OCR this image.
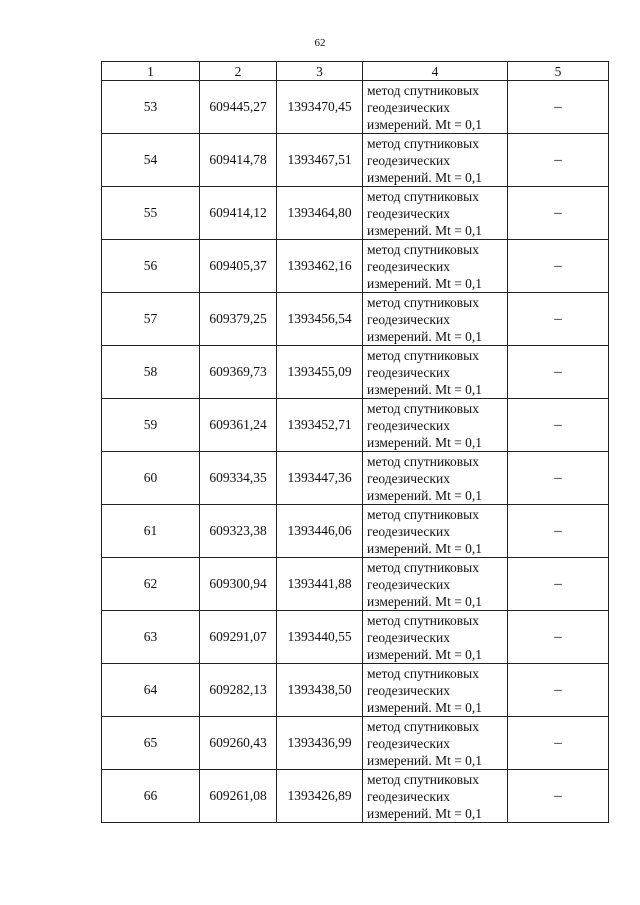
62
1	2	3	4	5
53	609445,27	1393470,45	метод спутниковых
геодезических
измерений. Mt = 0,1	–
54	609414,78	1393467,51	метод спутниковых
геодезических
измерений. Mt = 0,1	–
55	609414,12	1393464,80	метод спутниковых
геодезических
измерений. Mt = 0,1	–
56	609405,37	1393462,16	метод спутниковых
геодезических
измерений. Mt = 0,1	–
57	609379,25	1393456,54	метод спутниковых
геодезических
измерений. Mt = 0,1	–
58	609369,73	1393455,09	метод спутниковых
геодезических
измерений. Mt = 0,1	–
59	609361,24	1393452,71	метод спутниковых
геодезических
измерений. Mt = 0,1	–
60	609334,35	1393447,36	метод спутниковых
геодезических
измерений. Mt = 0,1	–
61	609323,38	1393446,06	метод спутниковых
геодезических
измерений. Mt = 0,1	–
62	609300,94	1393441,88	метод спутниковых
геодезических
измерений. Mt = 0,1	–
63	609291,07	1393440,55	метод спутниковых
геодезических
измерений. Mt = 0,1	–
64	609282,13	1393438,50	метод спутниковых
геодезических
измерений. Mt = 0,1	–
65	609260,43	1393436,99	метод спутниковых
геодезических
измерений. Mt = 0,1	–
66	609261,08	1393426,89	метод спутниковых
геодезических
измерений. Mt = 0,1	–
